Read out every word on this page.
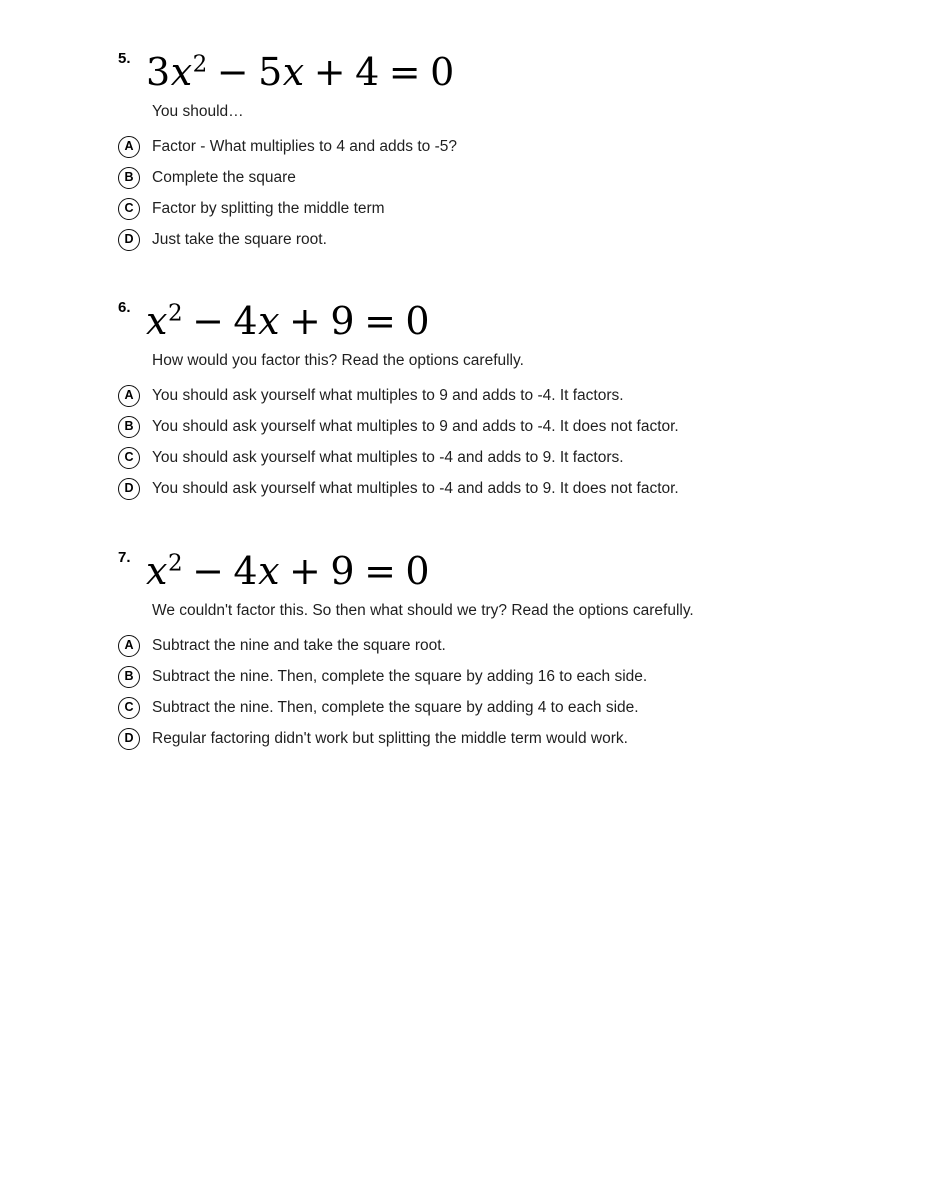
5. $3x^2 - 5x + 4 = 0$
You should…
A	Factor - What multiplies to 4 and adds to -5?
B	Complete the square
C	Factor by splitting the middle term
D	Just take the square root.
6. $x^2 - 4x + 9 = 0$
How would you factor this? Read the options carefully.
A	You should ask yourself what multiples to 9 and adds to -4. It factors.
B	You should ask yourself what multiples to 9 and adds to -4. It does not factor.
C	You should ask yourself what multiples to -4 and adds to 9. It factors.
D	You should ask yourself what multiples to -4 and adds to 9. It does not factor.
7. $x^2 - 4x + 9 = 0$
We couldn't factor this. So then what should we try? Read the options carefully.
A	Subtract the nine and take the square root.
B	Subtract the nine. Then, complete the square by adding 16 to each side.
C	Subtract the nine. Then, complete the square by adding 4 to each side.
D	Regular factoring didn't work but splitting the middle term would work.
